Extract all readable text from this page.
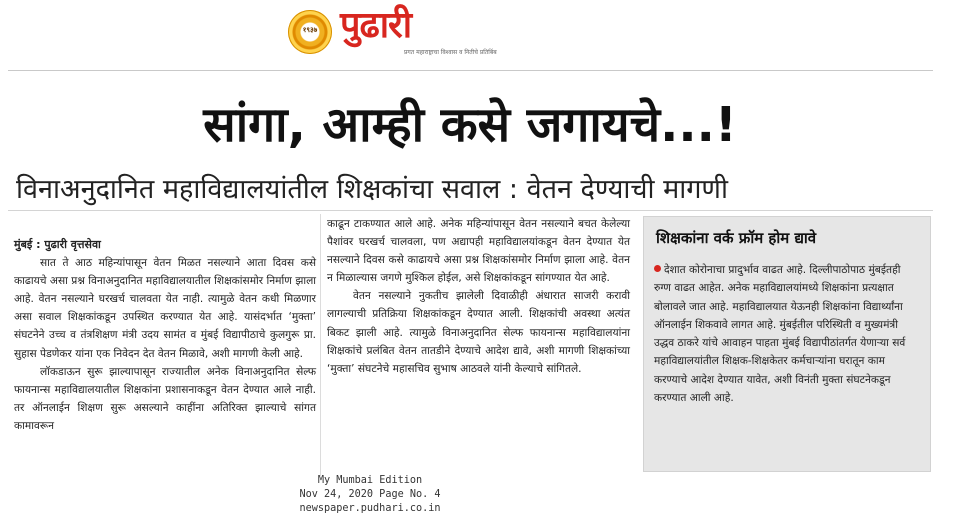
१९३७ पुढारी
प्रगत महाराष्ट्राचा विश्वास व नितीचे प्रतिबिंब
सांगा, आम्ही कसे जगायचे...!
विनाअनुदानित महाविद्यालयांतील शिक्षकांचा सवाल : वेतन देण्याची मागणी
मुंबई : पुढारी वृत्तसेवा

सात ते आठ महिन्यांपासून वेतन मिळत नसल्याने आता दिवस कसे काढायचे असा प्रश्न विनाअनुदानित महाविद्यालयातील शिक्षकांसमोर निर्माण झाला आहे. वेतन नसल्याने घरखर्च चालवता येत नाही. त्यामुळे वेतन कधी मिळणार असा सवाल शिक्षकांकडून उपस्थित करण्यात येत आहे. यासंदर्भात ‘मुक्ता’ संघटनेने उच्च व तंत्रशिक्षण मंत्री उदय सामंत व मुंबई विद्यापीठाचे कुलगुरू प्रा. सुहास पेडणेकर यांना एक निवेदन देत वेतन मिळावे, अशी मागणी केली आहे.

लॉकडाऊन सुरू झाल्यापासून राज्यातील अनेक विनाअनुदानित सेल्फ फायनान्स महाविद्यालयातील शिक्षकांना प्रशासनाकडून वेतन देण्यात आले नाही. तर ऑनलाईन शिक्षण सुरू असल्याने काहींना अतिरिक्त झाल्याचे सांगत कामावरून

काढून टाकण्यात आले आहे. अनेक महिन्यांपासून वेतन नसल्याने बचत केलेल्या पैशांवर घरखर्च चालवला, पण अद्यापही महाविद्यालयांकडून वेतन देण्यात येत नसल्याने दिवस कसे काढायचे असा प्रश्न शिक्षकांसमोर निर्माण झाला आहे. वेतन न मिळाल्यास जगणे मुश्किल होईल, असे शिक्षकांकडून सांगण्यात येत आहे.

वेतन नसल्याने नुकतीच झालेली दिवाळीही अंधारात साजरी करावी लागल्याची प्रतिक्रिया शिक्षकांकडून देण्यात आली. शिक्षकांची अवस्था अत्यंत बिकट झाली आहे. त्यामुळे विनाअनुदानित सेल्फ फायनान्स महाविद्यालयांना शिक्षकांचे प्रलंबित वेतन तातडीने देण्याचे आदेश द्यावे, अशी मागणी शिक्षकांच्या ‘मुक्ता’ संघटनेचे महासचिव सुभाष आठवले यांनी केल्याचे सांगितले.

शिक्षकांना वर्क फ्रॉम होम द्यावे
देशात कोरोनाचा प्रादुर्भाव वाढत आहे. दिल्लीपाठोपाठ मुंबईतही रुग्ण वाढत आहेत. अनेक महाविद्यालयांमध्ये शिक्षकांना प्रत्यक्षात बोलावले जात आहे. महाविद्यालयात येऊनही शिक्षकांना विद्यार्थ्यांना ऑनलाईन शिकवावे लागत आहे. मुंबईतील परिस्थिती व मुख्यमंत्री उद्धव ठाकरे यांचे आवाहन पाहता मुंबई विद्यापीठांतर्गत येणाऱ्या सर्व महाविद्यालयांतील शिक्षक-शिक्षकेतर कर्मचाऱ्यांना घरातून काम करण्याचे आदेश देण्यात यावेत, अशी विनंती मुक्ता संघटनेकडून करण्यात आली आहे.
My Mumbai Edition
Nov 24, 2020 Page No. 4
newspaper.pudhari.co.in
